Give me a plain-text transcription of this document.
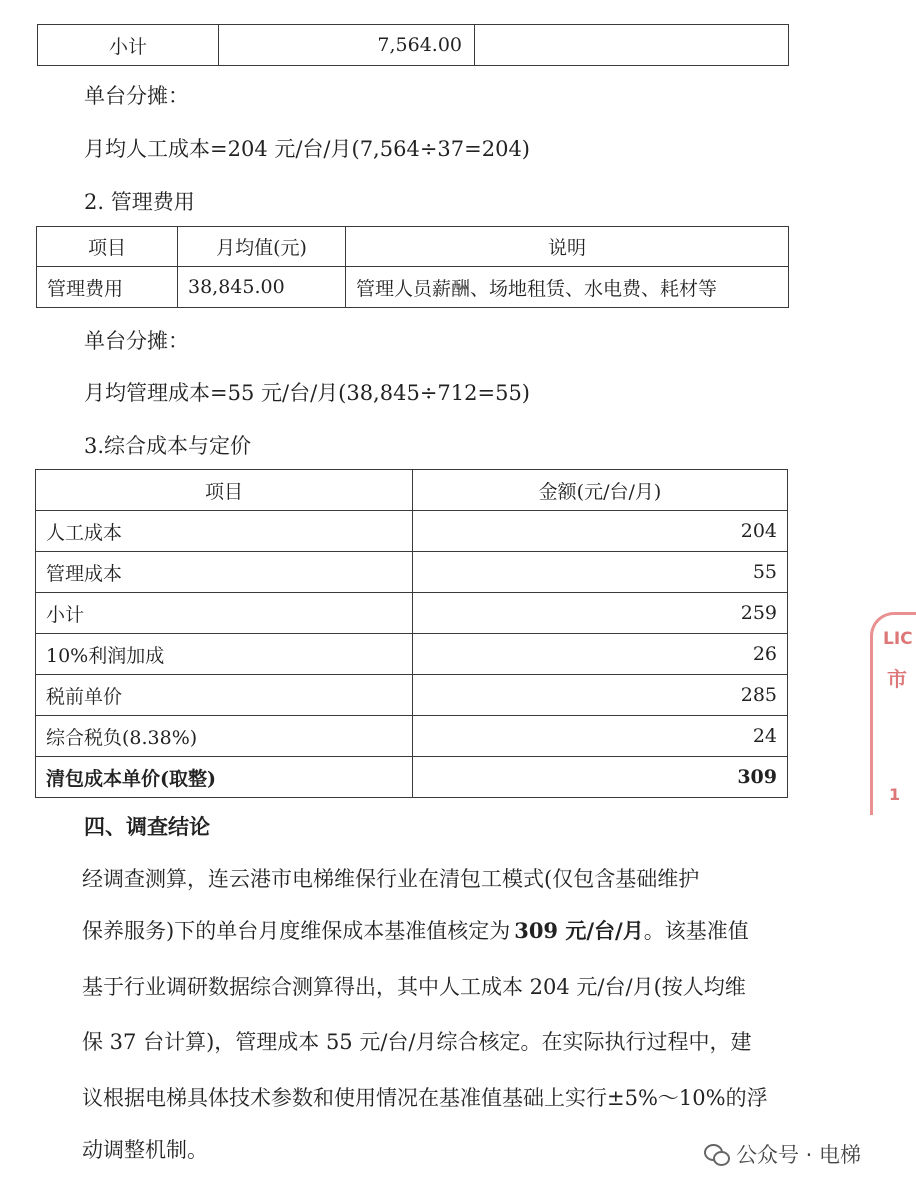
小计	7,564.00	
单台分摊：
月均人工成本=204 元/台/月(7,564÷37=204)
2. 管理费用
项目	月均值(元)	说明
管理费用	38,845.00	管理人员薪酬、场地租赁、水电费、耗材等
单台分摊：
月均管理成本=55 元/台/月(38,845÷712=55)
3.综合成本与定价
项目	金额(元/台/月)
人工成本	204
管理成本	55
小计	259
10%利润加成	26
税前单价	285
综合税负(8.38%)	24
清包成本单价(取整)	309
四、调查结论
经调查测算，连云港市电梯维保行业在清包工模式(仅包含基础维护
保养服务)下的单台月度维保成本基准值核定为 309 元/台/月。该基准值
基于行业调研数据综合测算得出，其中人工成本 204 元/台/月(按人均维
保 37 台计算)，管理成本 55 元/台/月综合核定。在实际执行过程中，建
议根据电梯具体技术参数和使用情况在基准值基础上实行±5%～10%的浮
动调整机制。
LIC
市
1
公众号 · 电梯
